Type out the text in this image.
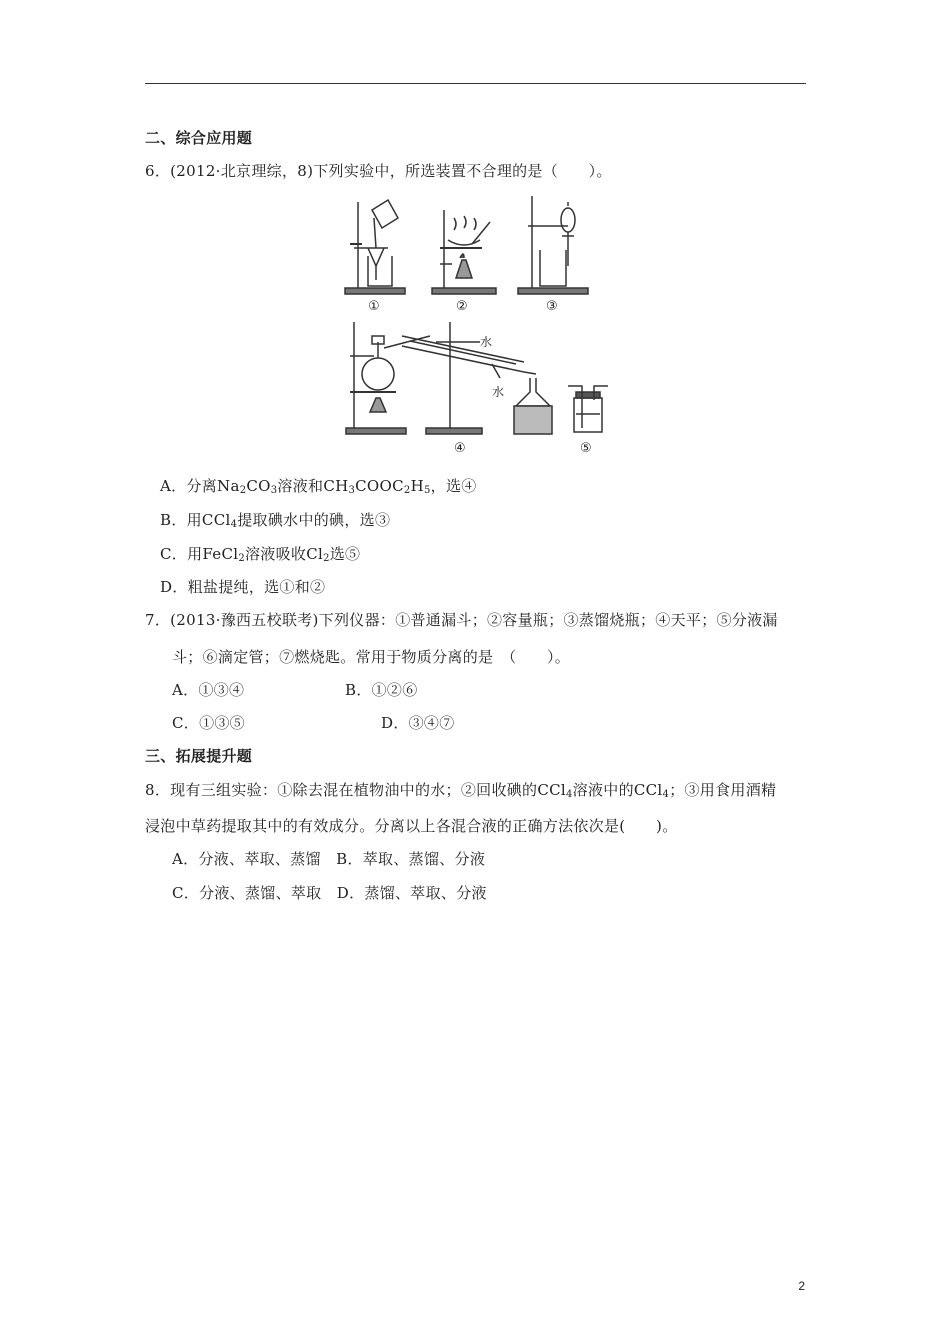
二、综合应用题
6．(2012·北京理综，8)下列实验中，所选装置不合理的是（　　）。
①	②	③
④	⑤
水
水
A．分离$Na_2CO_3$溶液和$CH_3COOC_2H_5$，选④
B．用CCl$_4$提取碘水中的碘，选③
C．用FeCl$_2$溶液吸收$Cl_2$选⑤
D．粗盐提纯，选①和②
7．(2013·豫西五校联考)下列仪器：①普通漏斗；②容量瓶；③蒸馏烧瓶；④天平；⑤分液漏
斗；⑥滴定管；⑦燃烧匙。常用于物质分离的是　（　　）。
A．①③④	B．①②⑥
C．①③⑤	D．③④⑦
三、拓展提升题
8．现有三组实验：①除去混在植物油中的水；②回收碘的CCl$_4$溶液中的CCl$_4$；③用食用酒精
浸泡中草药提取其中的有效成分。分离以上各混合液的正确方法依次是(　　)。
A．分液、萃取、蒸馏　B．萃取、蒸馏、分液
C．分液、蒸馏、萃取　D．蒸馏、萃取、分液
2
